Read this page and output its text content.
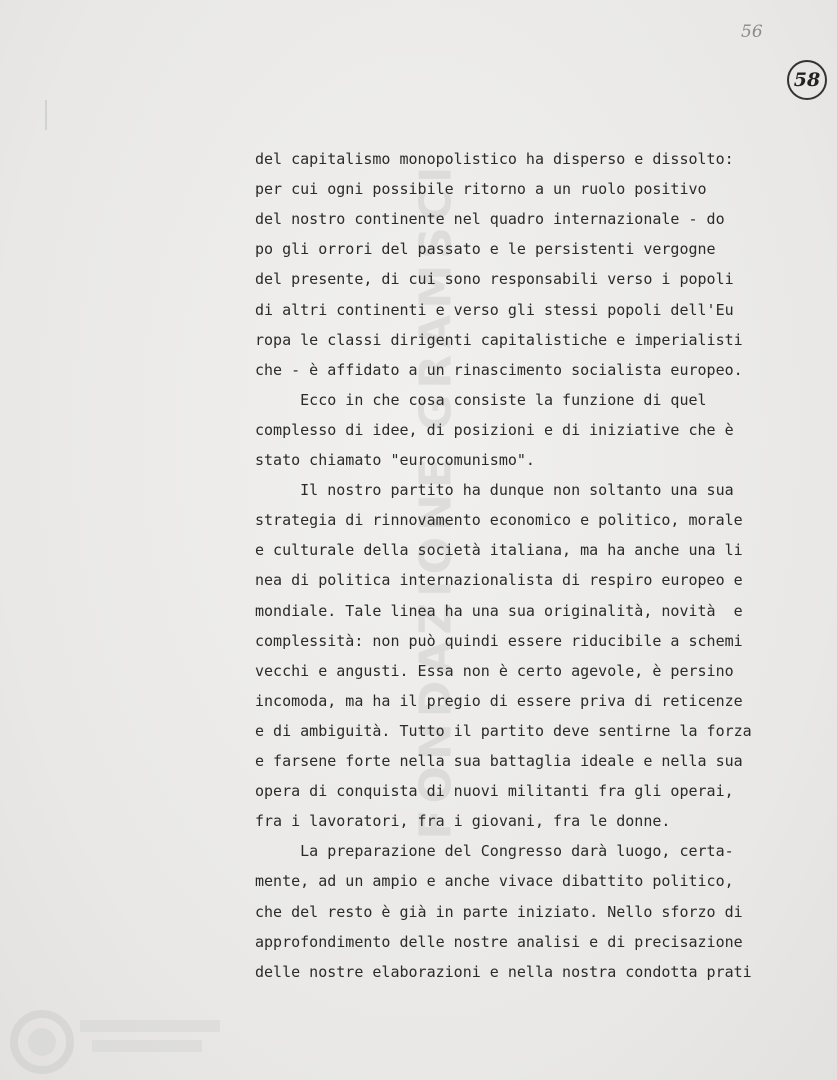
FONDAZIONE GRAMSCI
56
58
del capitalismo monopolistico ha disperso e dissolto:
per cui ogni possibile ritorno a un ruolo positivo
del nostro continente nel quadro internazionale - do
po gli orrori del passato e le persistenti vergogne
del presente, di cui sono responsabili verso i popoli
di altri continenti e verso gli stessi popoli dell'Eu
ropa le classi dirigenti capitalistiche e imperialisti
che - è affidato a un rinascimento socialista europeo.
Ecco in che cosa consiste la funzione di quel
complesso di idee, di posizioni e di iniziative che è
stato chiamato "eurocomunismo".
Il nostro partito ha dunque non soltanto una sua
strategia di rinnovamento economico e politico, morale
e culturale della società italiana, ma ha anche una li
nea di politica internazionalista di respiro europeo e
mondiale. Tale linea ha una sua originalità, novità  e
complessità: non può quindi essere riducibile a schemi
vecchi e angusti. Essa non è certo agevole, è persino
incomoda, ma ha il pregio di essere priva di reticenze
e di ambiguità. Tutto il partito deve sentirne la forza
e farsene forte nella sua battaglia ideale e nella sua
opera di conquista di nuovi militanti fra gli operai,
fra i lavoratori, fra i giovani, fra le donne.
La preparazione del Congresso darà luogo, certa-
mente, ad un ampio e anche vivace dibattito politico,
che del resto è già in parte iniziato. Nello sforzo di
approfondimento delle nostre analisi e di precisazione
delle nostre elaborazioni e nella nostra condotta prati
